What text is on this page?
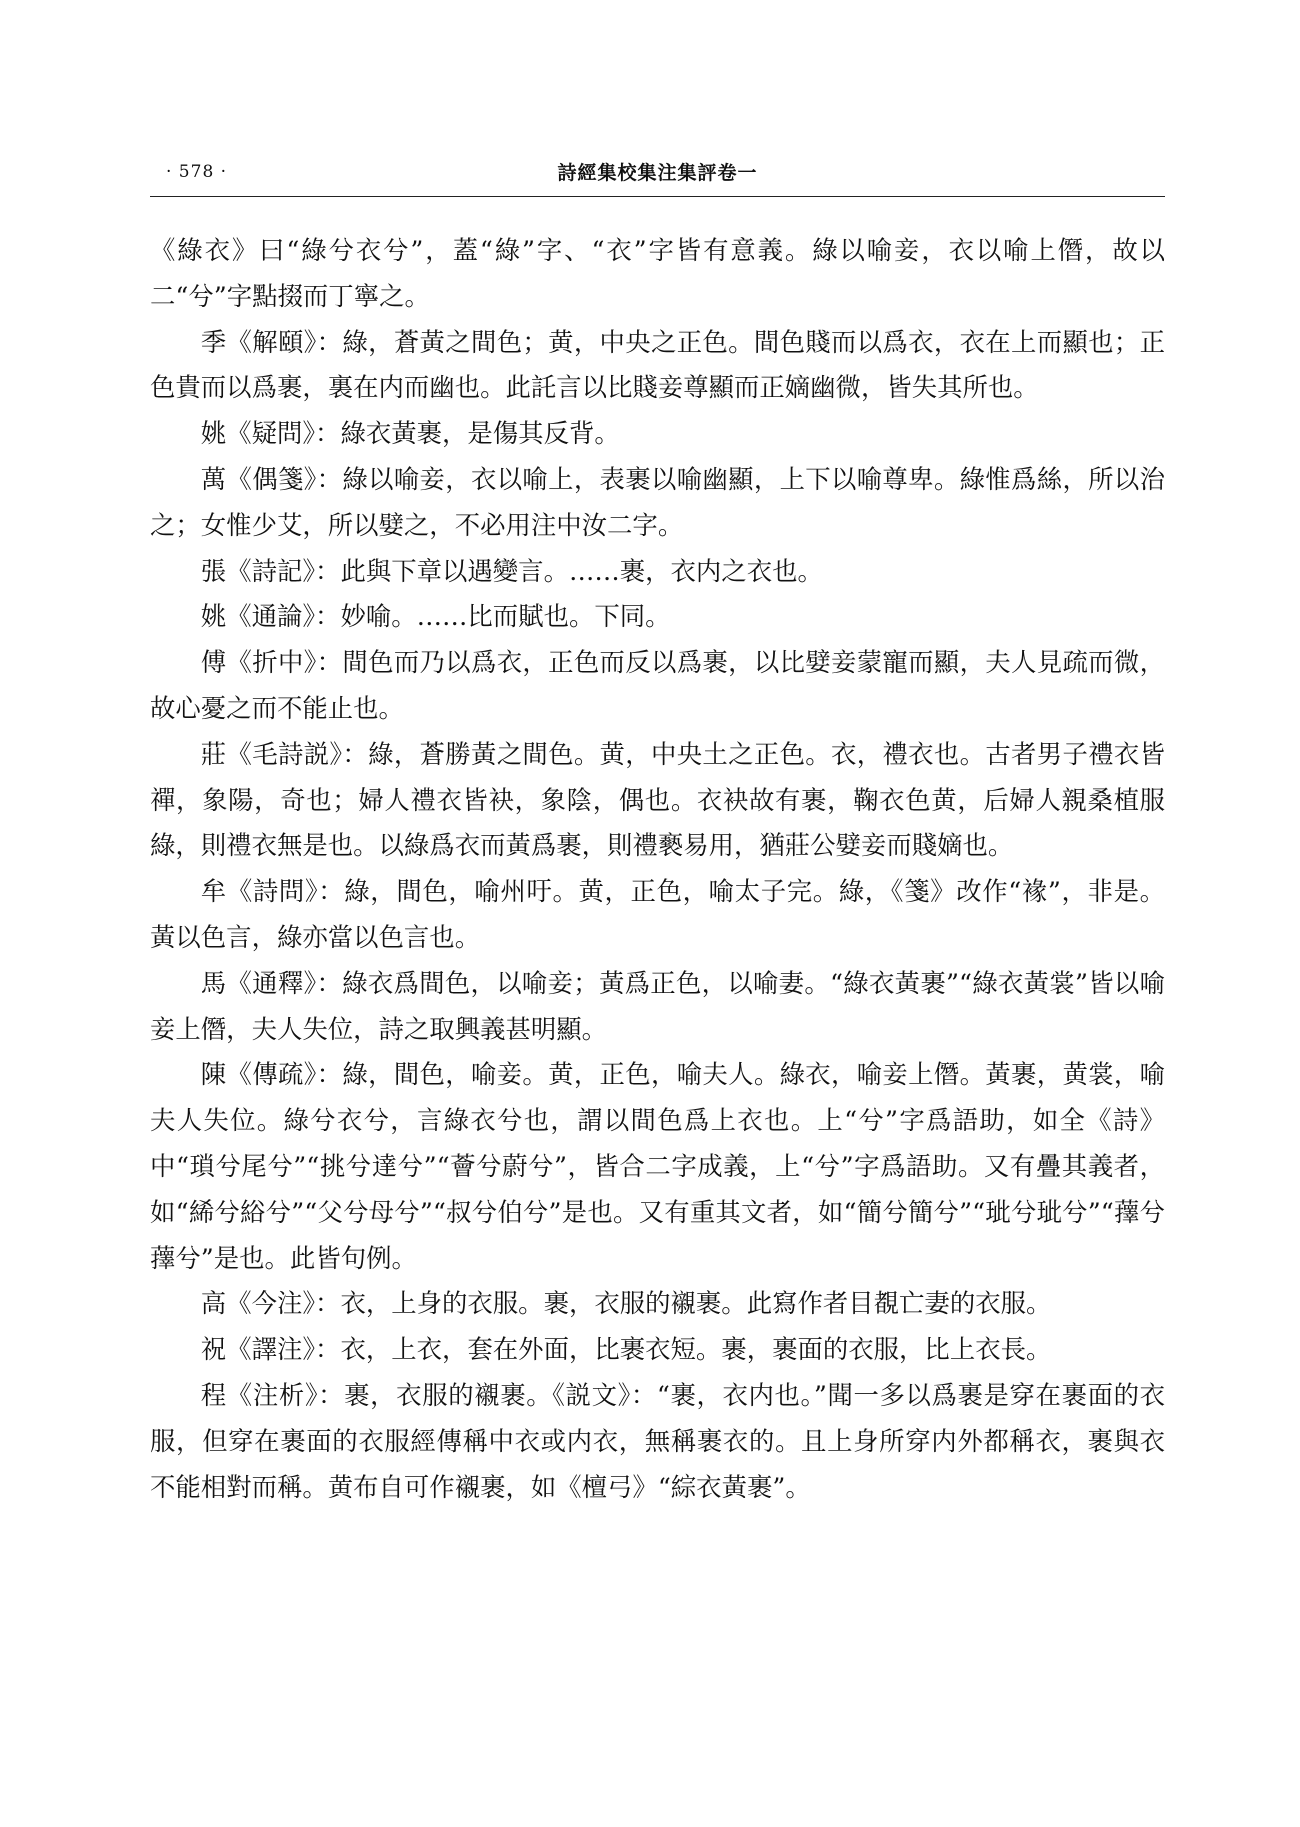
· 578 ·	詩經集校集注集評卷一

《綠衣》曰“綠兮衣兮”，蓋“綠”字、“衣”字皆有意義。綠以喻妾，衣以喻上僭，故以二“兮”字點掇而丁寧之。

季《解頤》：綠，蒼黃之間色；黄，中央之正色。間色賤而以爲衣，衣在上而顯也；正色貴而以爲裹，裏在内而幽也。此託言以比賤妾尊顯而正嫡幽微，皆失其所也。

姚《疑問》：綠衣黃裹，是傷其反背。

萬《偶箋》：綠以喻妾，衣以喻上，表裹以喻幽顯，上下以喻尊卑。綠惟爲絲，所以治之；女惟少艾，所以嬖之，不必用注中汝二字。

張《詩記》：此與下章以遇變言。……裹，衣内之衣也。

姚《通論》：妙喻。……比而賦也。下同。

傅《折中》：間色而乃以爲衣，正色而反以爲裹，以比嬖妾蒙寵而顯，夫人見疏而微，故心憂之而不能止也。

莊《毛詩説》：綠，蒼勝黃之間色。黄，中央土之正色。衣，禮衣也。古者男子禮衣皆禪，象陽，奇也；婦人禮衣皆袂，象陰，偶也。衣袂故有裹，鞠衣色黄，后婦人親桑植服綠，則禮衣無是也。以綠爲衣而黃爲裹，則禮褻易用，猶莊公嬖妾而賤嫡也。

牟《詩問》：綠，間色，喻州吁。黄，正色，喻太子完。綠，《箋》改作“褖”，非是。黃以色言，綠亦當以色言也。

馬《通釋》：綠衣爲間色，以喻妾；黃爲正色，以喻妻。“綠衣黃裹”“綠衣黃裳”皆以喻妾上僭，夫人失位，詩之取興義甚明顯。

陳《傳疏》：綠，間色，喻妾。黄，正色，喻夫人。綠衣，喻妾上僭。黃裹，黄裳，喻夫人失位。綠兮衣兮，言綠衣兮也，謂以間色爲上衣也。上“兮”字爲語助，如全《詩》中“瑣兮尾兮”“挑兮達兮”“薈兮蔚兮”，皆合二字成義，上“兮”字爲語助。又有疊其義者，如“絺兮綌兮”“父兮母兮”“叔兮伯兮”是也。又有重其文者，如“簡兮簡兮”“玼兮玼兮”“蘀兮蘀兮”是也。此皆句例。

高《今注》：衣，上身的衣服。裹，衣服的襯裹。此寫作者目覩亡妻的衣服。

祝《譯注》：衣，上衣，套在外面，比裹衣短。裹，裹面的衣服，比上衣長。

程《注析》：裹，衣服的襯裹。《説文》：“裹，衣内也。”聞一多以爲裹是穿在裹面的衣服，但穿在裹面的衣服經傳稱中衣或内衣，無稱裹衣的。且上身所穿内外都稱衣，裹與衣不能相對而稱。黄布自可作襯裹，如《檀弓》“綜衣黃裹”。
